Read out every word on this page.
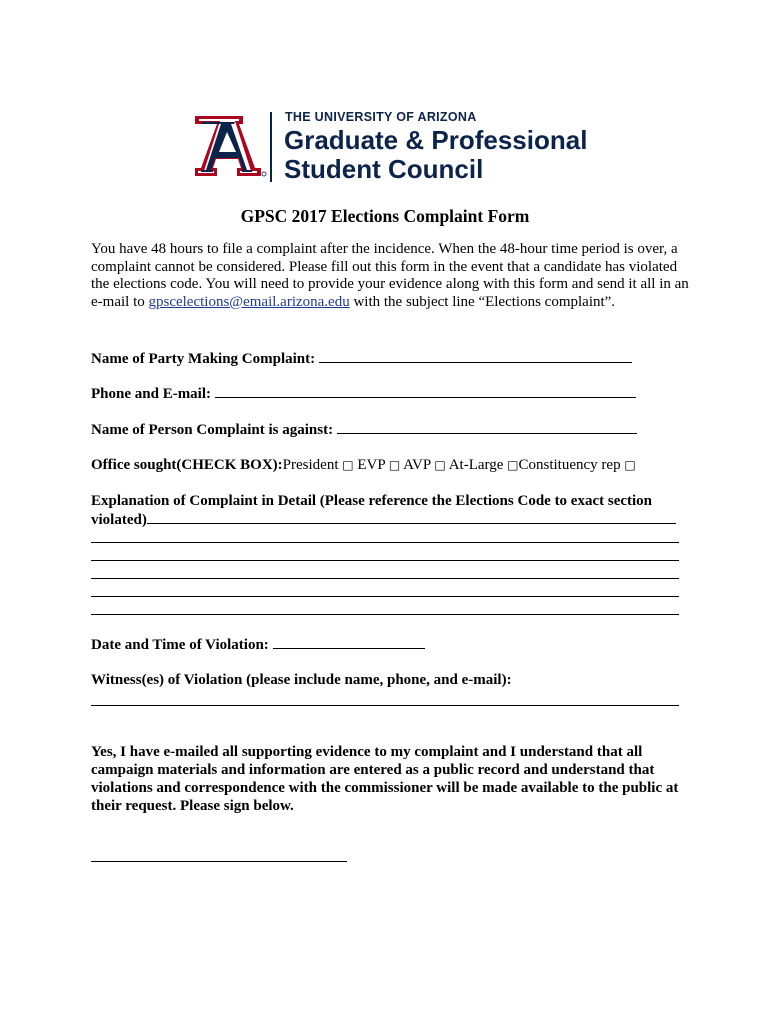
THE UNIVERSITY OF ARIZONA
Graduate & Professional
Student Council
GPSC 2017 Elections Complaint Form
You have 48 hours to file a complaint after the incidence. When the 48-hour time period is over, a complaint cannot be considered. Please fill out this form in the event that a candidate has violated the elections code. You will need to provide your evidence along with this form and send it all in an e-mail to gpscelections@email.arizona.edu with the subject line “Elections complaint”.
Name of Party Making Complaint:
Phone and E-mail:
Name of Person Complaint is against:
Office sought(CHECK BOX):President □ EVP □ AVP □ At-Large □Constituency rep □
Explanation of Complaint in Detail (Please reference the Elections Code to exact section
violated)
Date and Time of Violation:
Witness(es) of Violation (please include name, phone, and e-mail):
Yes, I have e-mailed all supporting evidence to my complaint and I understand that all campaign materials and information are entered as a public record and understand that violations and correspondence with the commissioner will be made available to the public at their request. Please sign below.
